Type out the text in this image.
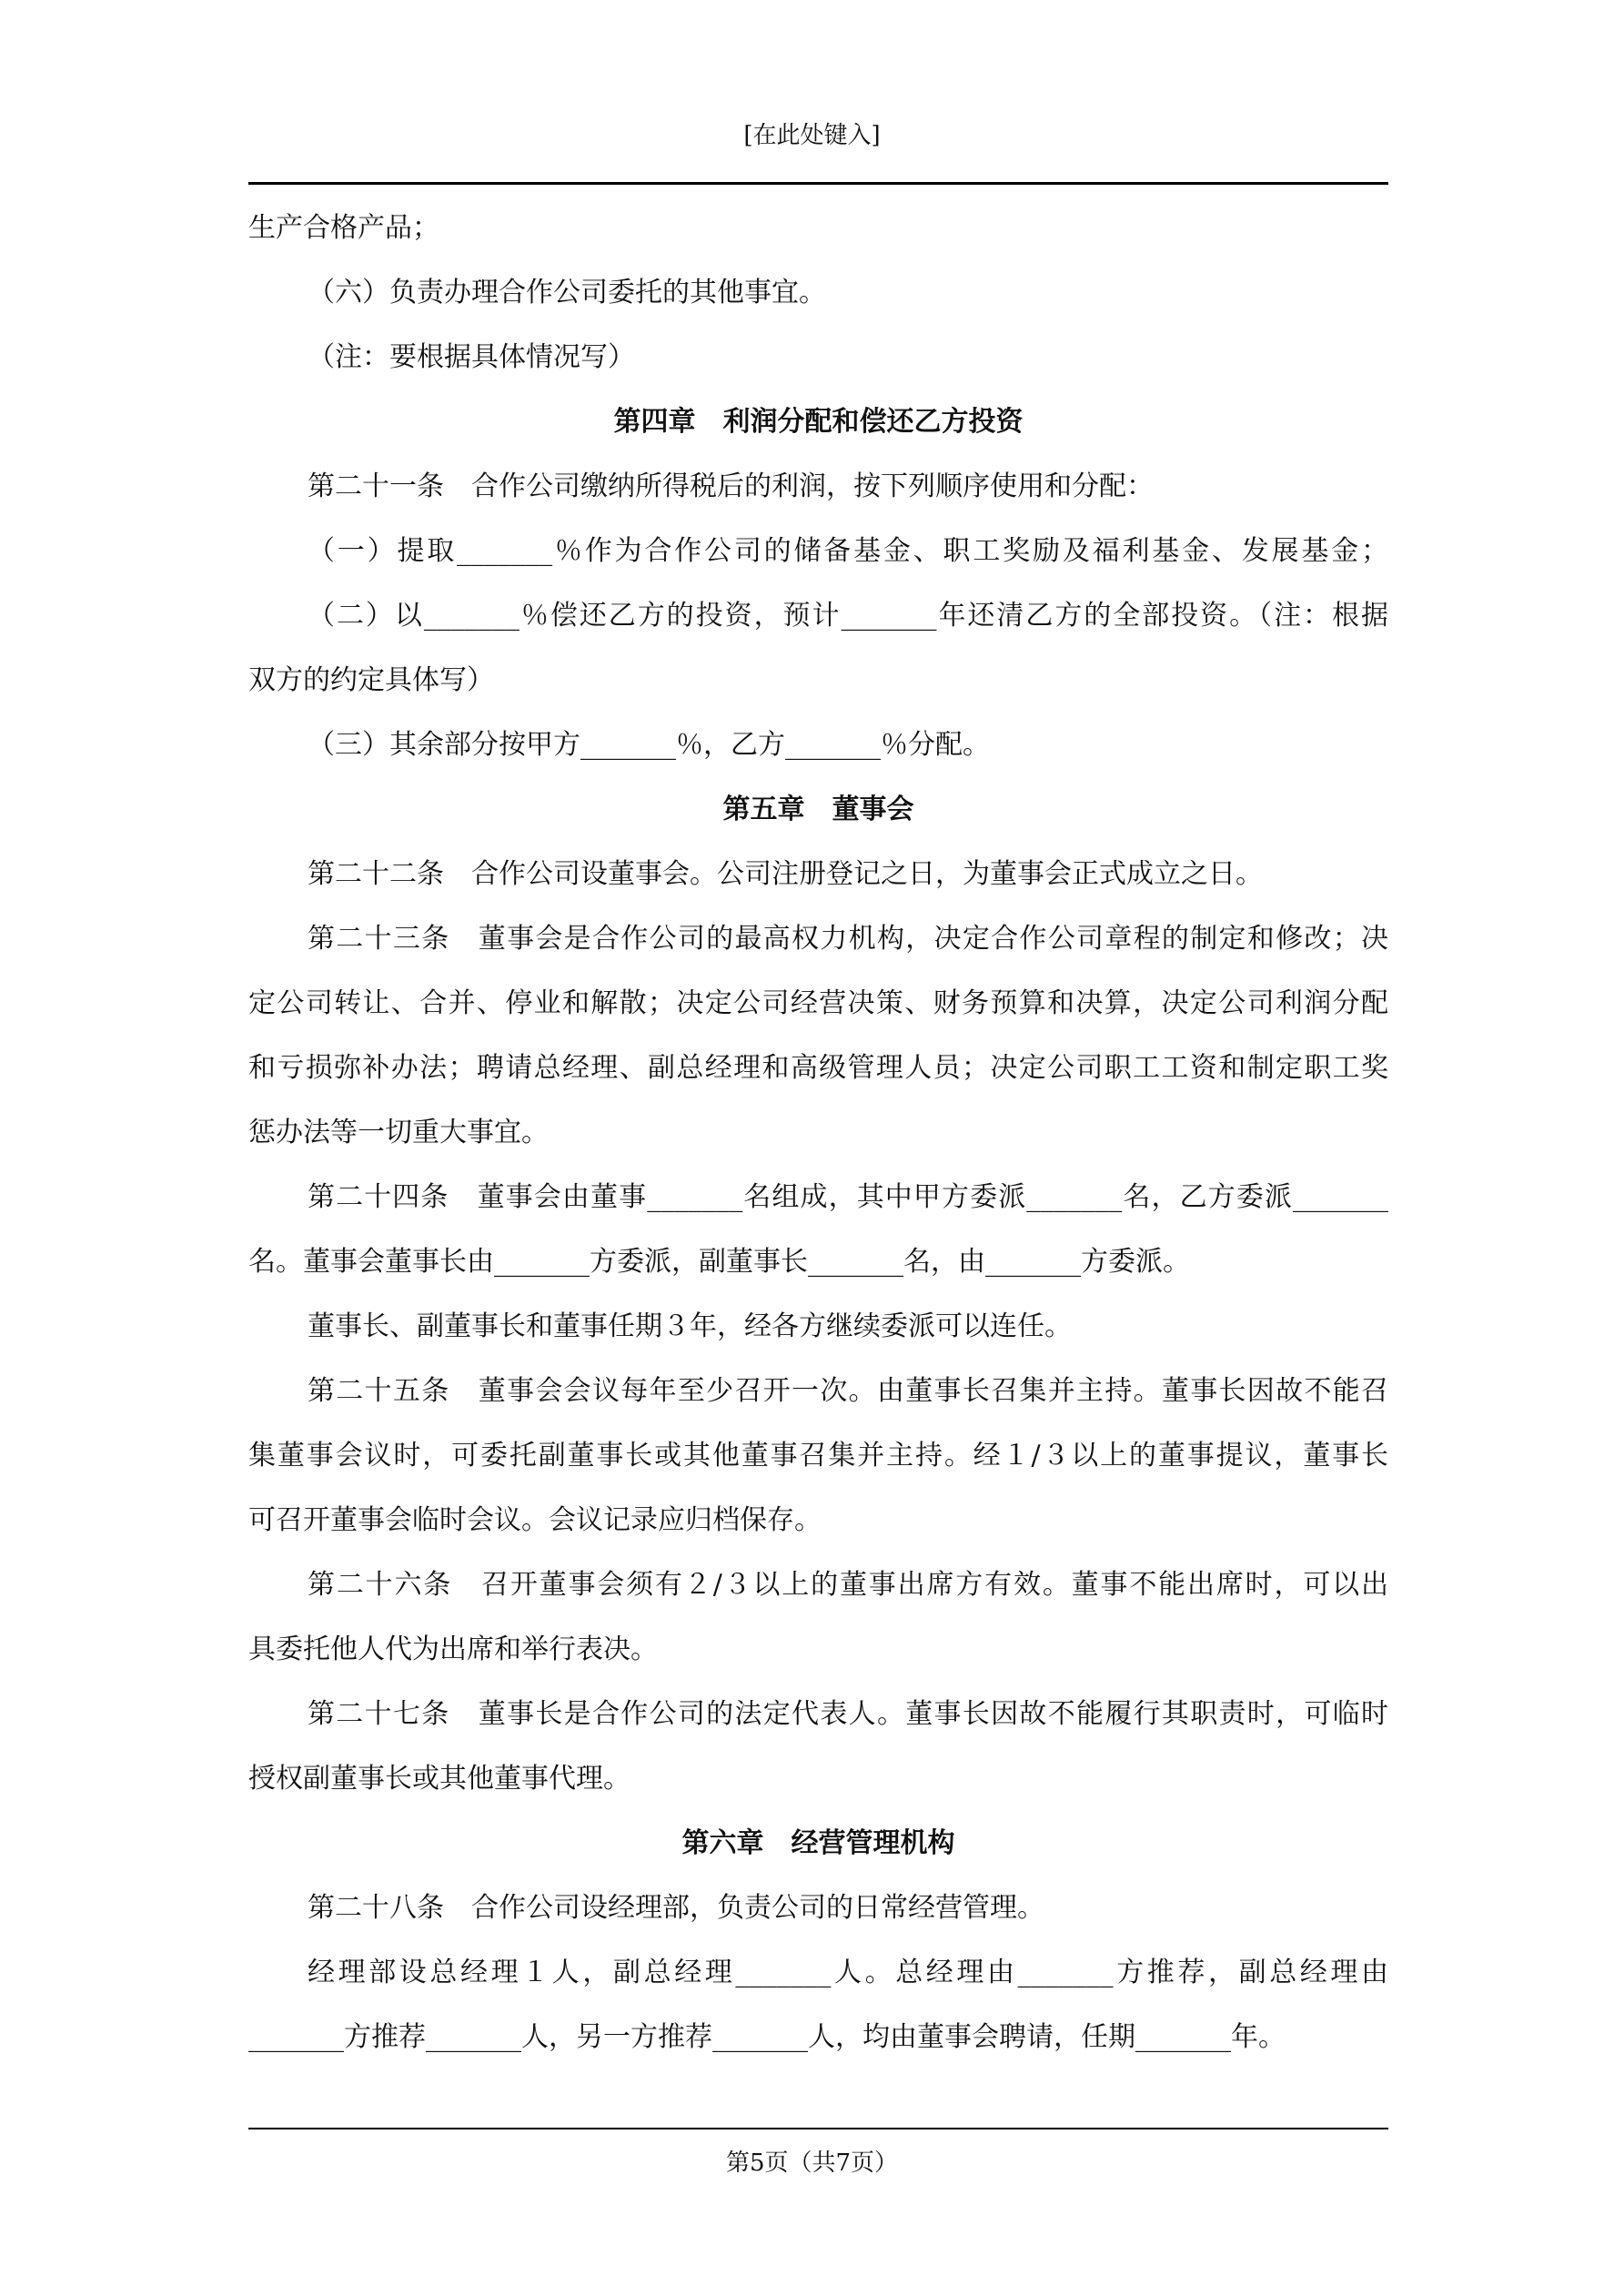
[在此处键入]
生产合格产品；
（六）负责办理合作公司委托的其他事宜。
（注：要根据具体情况写）
第四章　利润分配和偿还乙方投资
第二十一条　合作公司缴纳所得税后的利润，按下列顺序使用和分配：
（一）提取_______％作为合作公司的储备基金、职工奖励及福利基金、发展基金；
（二）以_______％偿还乙方的投资，预计_______年还清乙方的全部投资。（注：根据
双方的约定具体写）
（三）其余部分按甲方_______％，乙方_______％分配。
第五章　董事会
第二十二条　合作公司设董事会。公司注册登记之日，为董事会正式成立之日。
第二十三条　董事会是合作公司的最高权力机构，决定合作公司章程的制定和修改；决
定公司转让、合并、停业和解散；决定公司经营决策、财务预算和决算，决定公司利润分配
和亏损弥补办法；聘请总经理、副总经理和高级管理人员；决定公司职工工资和制定职工奖
惩办法等一切重大事宜。
第二十四条　董事会由董事_______名组成，其中甲方委派_______名，乙方委派_______
名。董事会董事长由_______方委派，副董事长_______名，由_______方委派。
董事长、副董事长和董事任期３年，经各方继续委派可以连任。
第二十五条　董事会会议每年至少召开一次。由董事长召集并主持。董事长因故不能召
集董事会议时，可委托副董事长或其他董事召集并主持。经１/３以上的董事提议，董事长
可召开董事会临时会议。会议记录应归档保存。
第二十六条　召开董事会须有２/３以上的董事出席方有效。董事不能出席时，可以出
具委托他人代为出席和举行表决。
第二十七条　董事长是合作公司的法定代表人。董事长因故不能履行其职责时，可临时
授权副董事长或其他董事代理。
第六章　经营管理机构
第二十八条　合作公司设经理部，负责公司的日常经营管理。
经理部设总经理１人，副总经理_______人。总经理由_______方推荐，副总经理由
_______方推荐_______人，另一方推荐_______人，均由董事会聘请，任期_______年。
第5页（共7页）
